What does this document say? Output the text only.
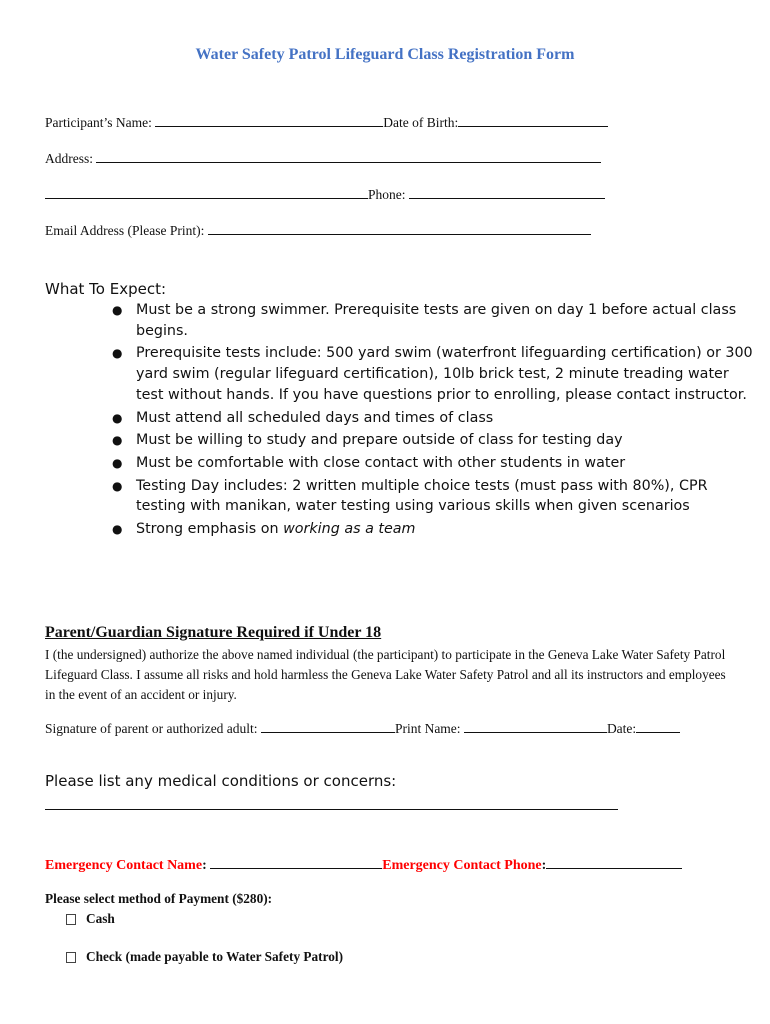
Water Safety Patrol Lifeguard Class Registration Form
Participant’s Name:	Date of Birth:
Address:
Phone:
Email Address (Please Print):
What To Expect:
● Must be a strong swimmer. Prerequisite tests are given on day 1 before actual class begins.
● Prerequisite tests include: 500 yard swim (waterfront lifeguarding certification) or 300 yard swim (regular lifeguard certification), 10lb brick test, 2 minute treading water test without hands. If you have questions prior to enrolling, please contact instructor.
● Must attend all scheduled days and times of class
● Must be willing to study and prepare outside of class for testing day
● Must be comfortable with close contact with other students in water
● Testing Day includes: 2 written multiple choice tests (must pass with 80%), CPR testing with manikan, water testing using various skills when given scenarios
● Strong emphasis on working as a team
Parent/Guardian Signature Required if Under 18
I (the undersigned) authorize the above named individual (the participant) to participate in the Geneva Lake Water Safety Patrol Lifeguard Class. I assume all risks and hold harmless the Geneva Lake Water Safety Patrol and all its instructors and employees in the event of an accident or injury.
Signature of parent or authorized adult:	Print Name:	Date:
Please list any medical conditions or concerns:
Emergency Contact Name:	Emergency Contact Phone:
Please select method of Payment ($280):
Cash
Check (made payable to Water Safety Patrol)
